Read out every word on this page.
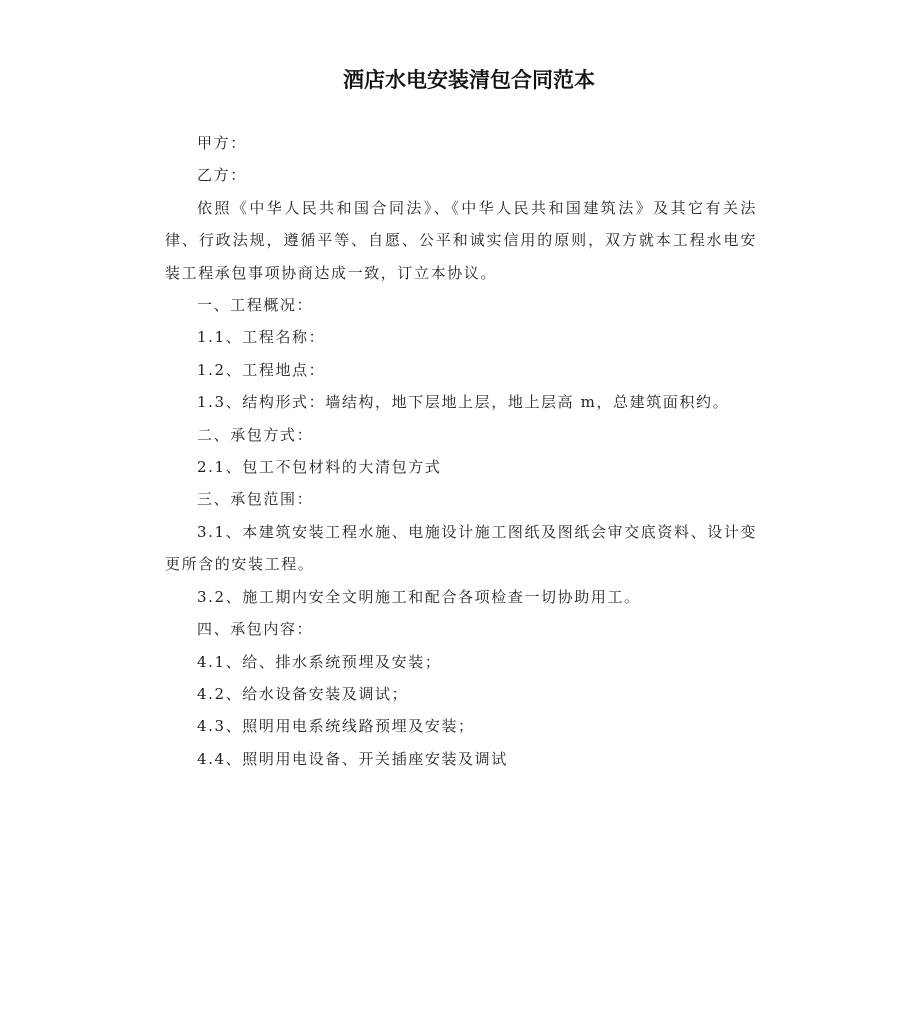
酒店水电安装清包合同范本

甲方：

乙方：

依照《中华人民共和国合同法》、《中华人民共和国建筑法》及其它有关法律、行政法规，遵循平等、自愿、公平和诚实信用的原则，双方就本工程水电安装工程承包事项协商达成一致，订立本协议。

一、工程概况：

1.1、工程名称：

1.2、工程地点：

1.3、结构形式：墙结构，地下层地上层，地上层高 m，总建筑面积约。

二、承包方式：

2.1、包工不包材料的大清包方式

三、承包范围：

3.1、本建筑安装工程水施、电施设计施工图纸及图纸会审交底资料、设计变更所含的安装工程。

3.2、施工期内安全文明施工和配合各项检查一切协助用工。

四、承包内容：

4.1、给、排水系统预埋及安装；

4.2、给水设备安装及调试；

4.3、照明用电系统线路预埋及安装；

4.4、照明用电设备、开关插座安装及调试
